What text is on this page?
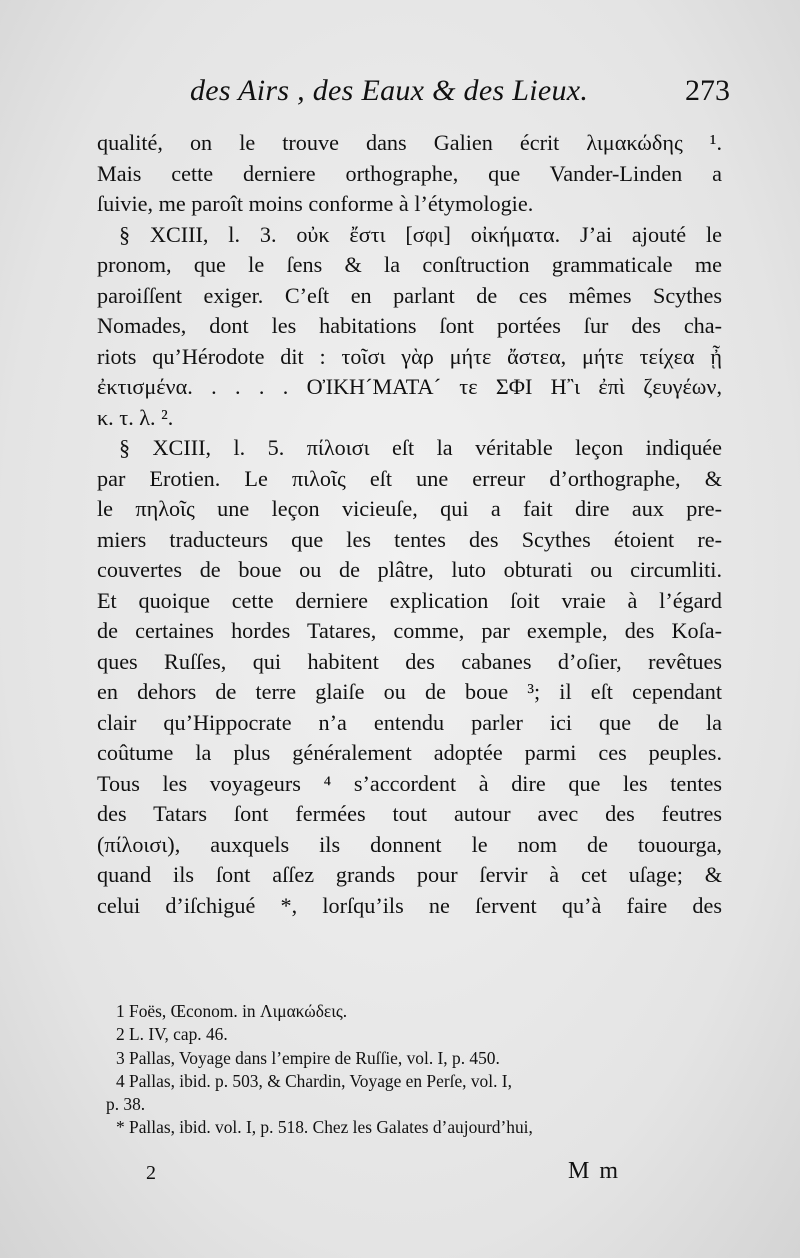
des Airs , des Eaux & des Lieux.	273
qualité, on le trouve dans Galien écrit λιμακώδης ¹.
Mais cette derniere orthographe, que Vander-Linden a
ſuivie, me paroît moins conforme à l’étymologie.
§ XCIII, l. 3. οὐκ ἔστι [σφι] οἰκήματα. J’ai ajouté le
pronom, que le ſens & la conſtruction grammaticale me
paroiſſent exiger. C’eſt en parlant de ces mêmes Scythes
Nomades, dont les habitations ſont portées ſur des cha-
riots qu’Hérodote dit : τοῖσι γὰρ μήτε ἄστεα, μήτε τείχεα ᾖ
ἐκτισμένα. . . . . ΟἸΚΗ´ΜΑΤΑ´ τε ΣΦΙ Η῍ι ἐπὶ ζευγέων,
κ. τ. λ. ².
§ XCIII, l. 5. πίλοισι eſt la véritable leçon indiquée
par Erotien. Le πιλοῖς eſt une erreur d’orthographe, &
le πηλοῖς une leçon vicieuſe, qui a fait dire aux pre-
miers traducteurs que les tentes des Scythes étoient re-
couvertes de boue ou de plâtre, luto obturati ou circumliti.
Et quoique cette derniere explication ſoit vraie à l’égard
de certaines hordes Tatares, comme, par exemple, des Koſa-
ques Ruſſes, qui habitent des cabanes d’oſier, revêtues
en dehors de terre glaiſe ou de boue ³; il eſt cependant
clair qu’Hippocrate n’a entendu parler ici que de la
coûtume la plus généralement adoptée parmi ces peuples.
Tous les voyageurs ⁴ s’accordent à dire que les tentes
des Tatars ſont fermées tout autour avec des feutres
(πίλοισι), auxquels ils donnent le nom de touourga,
quand ils ſont aſſez grands pour ſervir à cet uſage; &
celui d’iſchigué *, lorſqu’ils ne ſervent qu’à faire des
1 Foës, Œconom. in Λιμακώδεις.
2 L. IV, cap. 46.
3 Pallas, Voyage dans l’empire de Ruſſie, vol. I, p. 450.
4 Pallas, ibid. p. 503, & Chardin, Voyage en Perſe, vol. I,
p. 38.
* Pallas, ibid. vol. I, p. 518. Chez les Galates d’aujourd’hui,
2	M m
